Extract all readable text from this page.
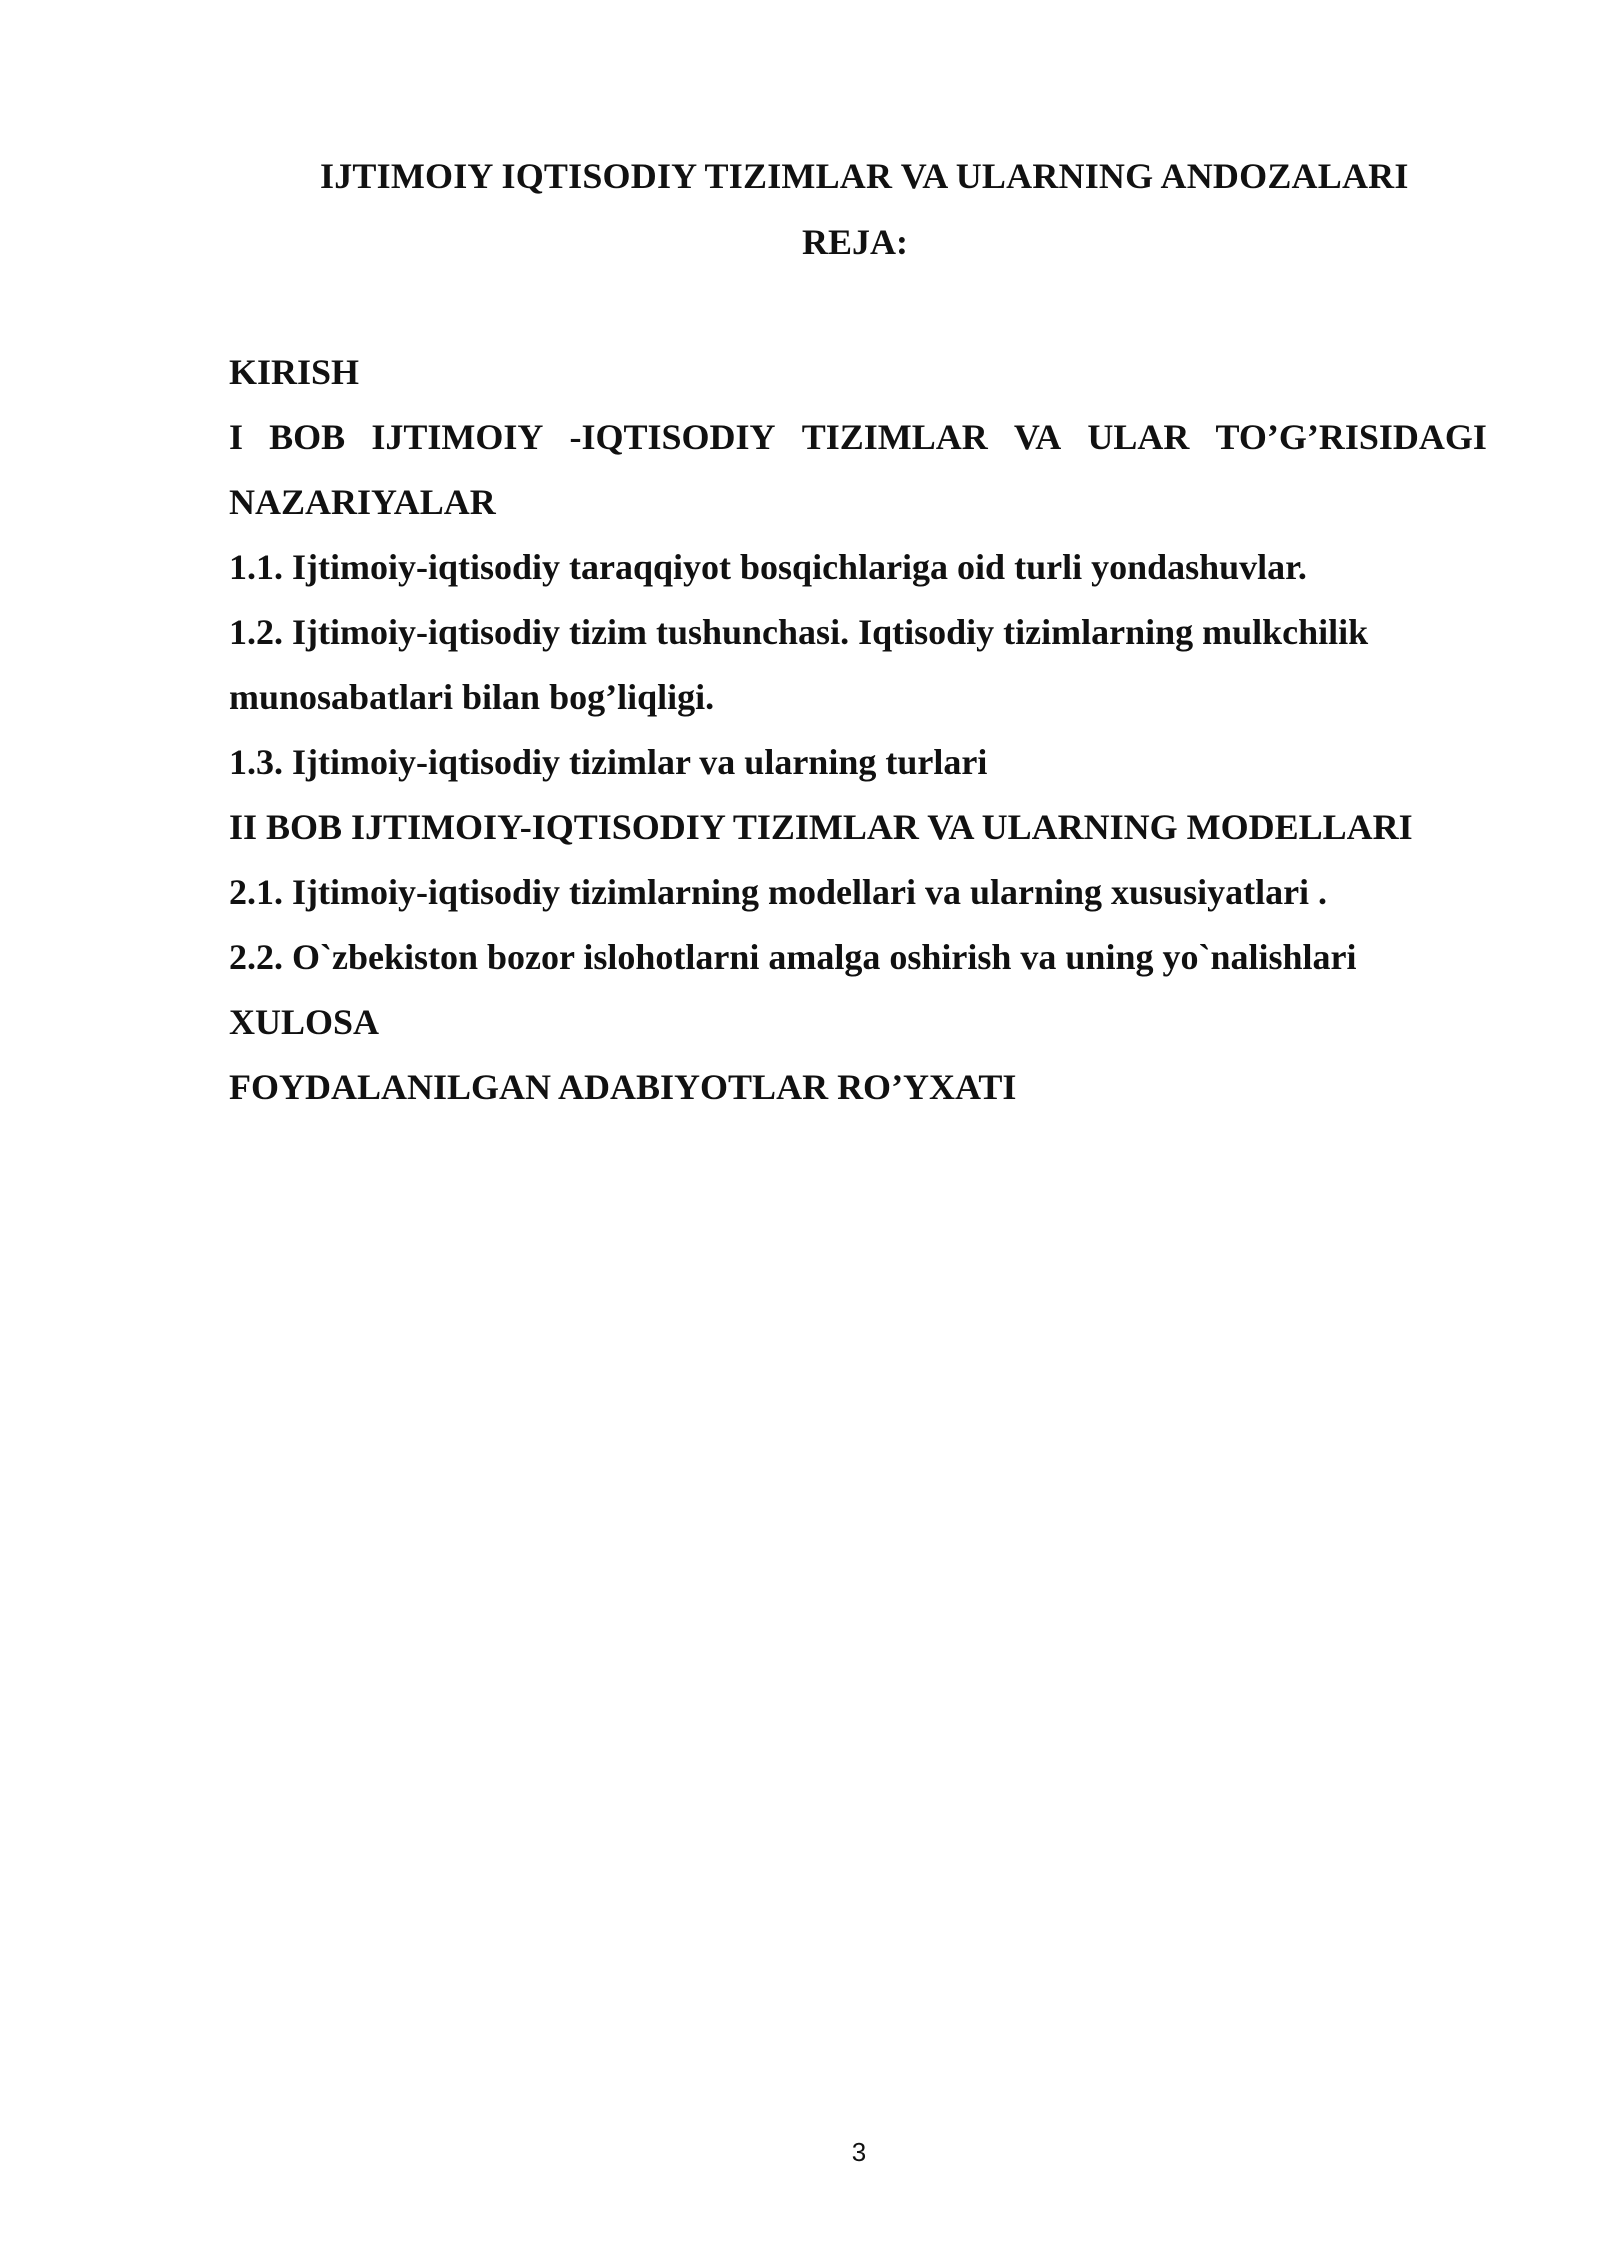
IJTIMOIY IQTISODIY TIZIMLAR VA ULARNING ANDOZALARI
REJA:
KIRISH
I BOB IJTIMOIY -IQTISODIY TIZIMLAR VA ULAR TO’G’RISIDAGI
NAZARIYALAR
1.1. Ijtimoiy-iqtisodiy taraqqiyot bosqichlariga oid turli yondashuvlar.
1.2. Ijtimoiy-iqtisodiy tizim tushunchasi. Iqtisodiy tizimlarning mulkchilik
munosabatlari bilan bog’liqligi.
1.3. Ijtimoiy-iqtisodiy tizimlar va ularning turlari
II BOB IJTIMOIY-IQTISODIY TIZIMLAR VA ULARNING MODELLARI
2.1. Ijtimoiy-iqtisodiy tizimlarning modellari va ularning xususiyatlari .
2.2. O`zbekiston bozor islohotlarni amalga oshirish va uning yo`nalishlari
XULOSA
FOYDALANILGAN ADABIYOTLAR RO’YXATI
3
